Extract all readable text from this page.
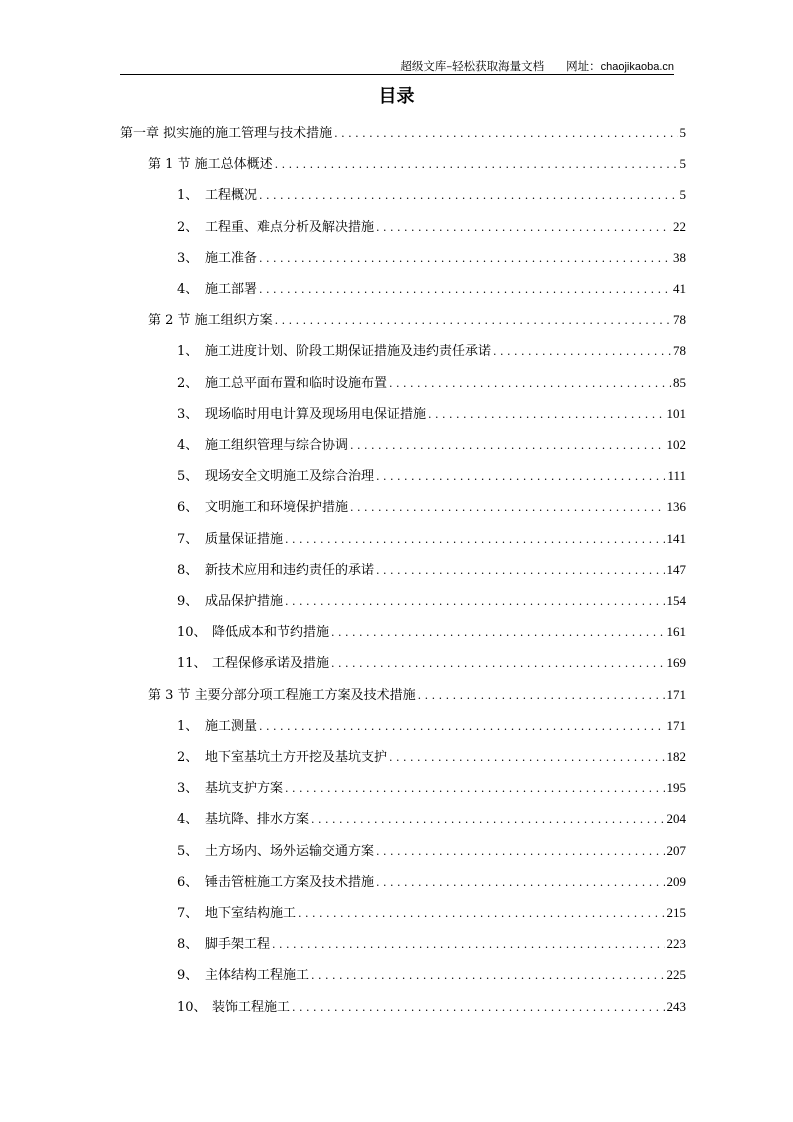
超级文库–轻松获取海量文档 网址：chaojikaoba.cn
目录
第一章 拟实施的施工管理与技术措施 . . .	5
第 1 节 施工总体概述 . . .	5
1、 工程概况 . . .	5
2、 工程重、难点分析及解决措施 . . .	22
3、 施工准备 . . .	38
4、 施工部署 . . .	41
第 2 节 施工组织方案 . . .	78
1、 施工进度计划、阶段工期保证措施及违约责任承诺 . . .	78
2、 施工总平面布置和临时设施布置 . . .	85
3、 现场临时用电计算及现场用电保证措施 . . .	101
4、 施工组织管理与综合协调 . . .	102
5、 现场安全文明施工及综合治理 . . .	111
6、 文明施工和环境保护措施 . . .	136
7、 质量保证措施 . . .	141
8、 新技术应用和违约责任的承诺 . . .	147
9、 成品保护措施 . . .	154
10、 降低成本和节约措施 . . .	161
11、 工程保修承诺及措施 . . .	169
第 3 节 主要分部分项工程施工方案及技术措施 . . .	171
1、 施工测量 . . .	171
2、 地下室基坑土方开挖及基坑支护 . . .	182
3、 基坑支护方案 . . .	195
4、 基坑降、排水方案 . . .	204
5、 土方场内、场外运输交通方案 . . .	207
6、 锤击管桩施工方案及技术措施 . . .	209
7、 地下室结构施工 . . .	215
8、 脚手架工程 . . .	223
9、 主体结构工程施工 . . .	225
10、 装饰工程施工 . . .	243
